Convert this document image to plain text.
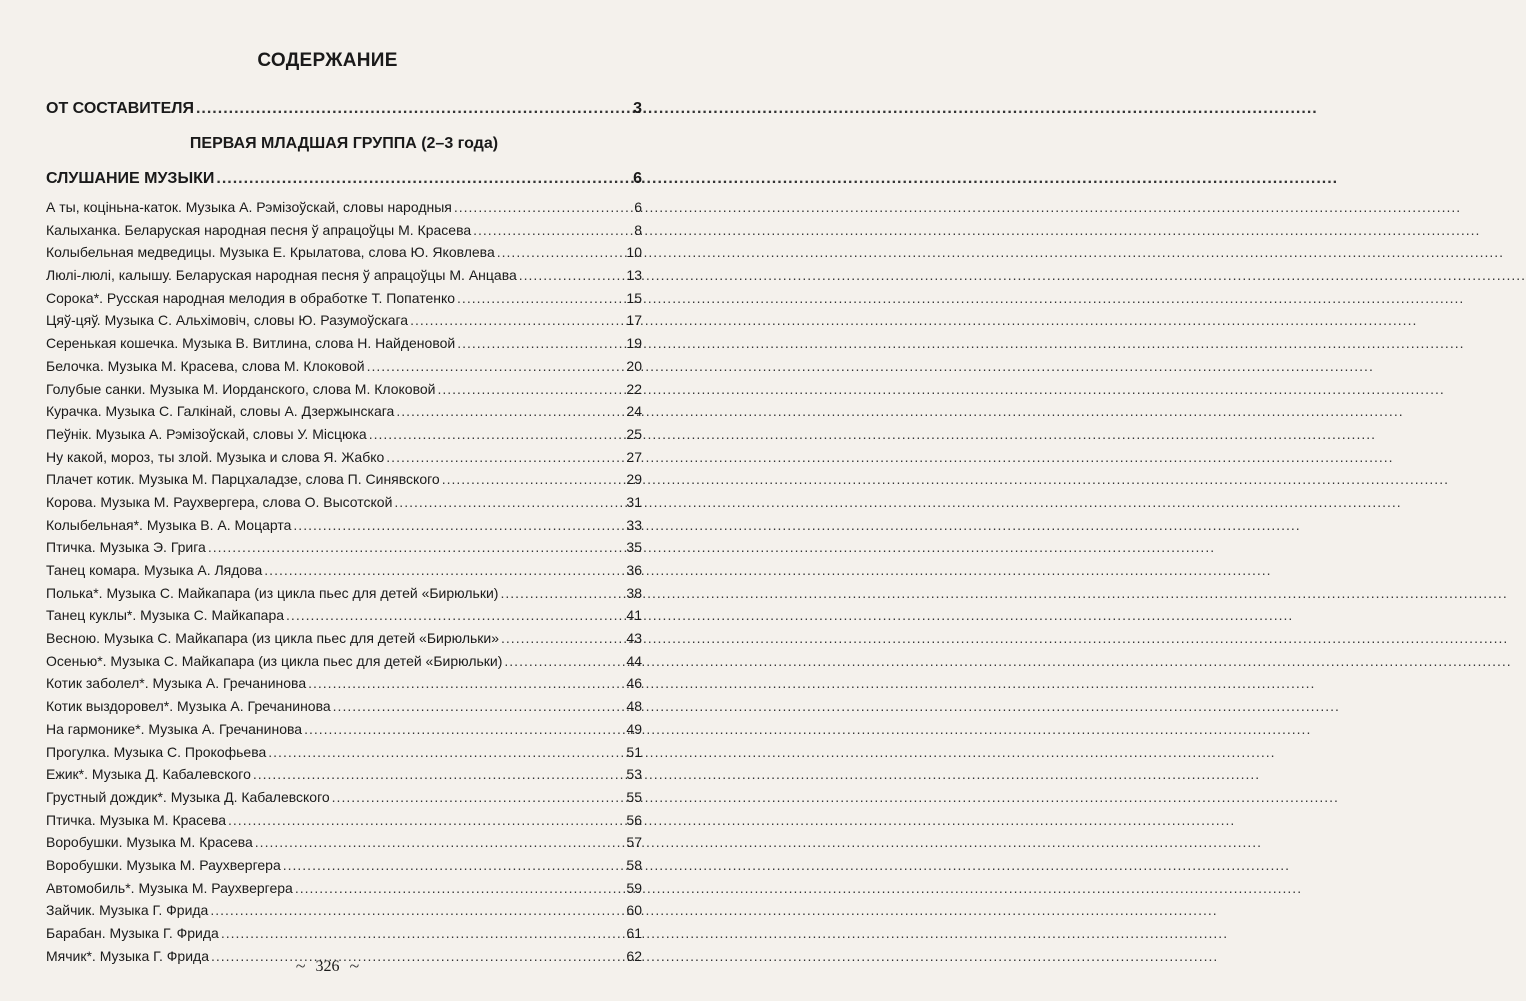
СОДЕРЖАНИЕ
ОТ СОСТАВИТЕЛЯ .....	3
ПЕРВАЯ МЛАДШАЯ ГРУППА (2–3 года)
СЛУШАНИЕ МУЗЫКИ .....	6
А ты, коціньна-каток. Музыка А. Рэмізоўскай, словы народныя .....	6
Калыханка. Беларуская народная песня ў апрацоўцы М. Красева .....	8
Колыбельная медведицы. Музыка Е. Крылатова, слова Ю. Яковлева .....	10
Люлі-люлі, калышу. Беларуская народная песня ў апрацоўцы М. Анцава .....	13
Сорока*. Русская народная мелодия в обработке Т. Попатенко .....	15
Цяў-цяў. Музыка С. Альхімовіч, словы Ю. Разумоўскага .....	17
Серенькая кошечка. Музыка В. Витлина, слова Н. Найденовой .....	19
Белочка. Музыка М. Красева, слова М. Клоковой .....	20
Голубые санки. Музыка М. Иорданского, слова М. Клоковой .....	22
Курачка. Музыка С. Галкінай, словы А. Дзержынскага .....	24
Пеўнік. Музыка А. Рэмізоўскай, словы У. Місцюка .....	25
Ну какой, мороз, ты злой. Музыка и слова Я. Жабко .....	27
Плачет котик. Музыка М. Парцхаладзе, слова П. Синявского .....	29
Корова. Музыка М. Раухвергера, слова О. Высотской .....	31
Колыбельная*. Музыка В. А. Моцарта .....	33
Птичка. Музыка Э. Грига .....	35
Танец комара. Музыка А. Лядова .....	36
Полька*. Музыка С. Майкапара (из цикла пьес для детей «Бирюльки) .....	38
Танец куклы*. Музыка С. Майкапара .....	41
Весною. Музыка С. Майкапара (из цикла пьес для детей «Бирюльки» .....	43
Осенью*. Музыка С. Майкапара (из цикла пьес для детей «Бирюльки) .....	44
Котик заболел*. Музыка А. Гречанинова .....	46
Котик выздоровел*. Музыка А. Гречанинова .....	48
На гармонике*. Музыка А. Гречанинова .....	49
Прогулка. Музыка С. Прокофьева .....	51
Ежик*. Музыка Д. Кабалевского .....	53
Грустный дождик*. Музыка Д. Кабалевского .....	55
Птичка. Музыка М. Красева .....	56
Воробушки. Музыка М. Красева .....	57
Воробушки. Музыка М. Раухвергера .....	58
Автомобиль*. Музыка М. Раухвергера .....	59
Зайчик. Музыка Г. Фрида .....	60
Барабан. Музыка Г. Фрида .....	61
Мячик*. Музыка Г. Фрида .....	62
~ 326 ~
